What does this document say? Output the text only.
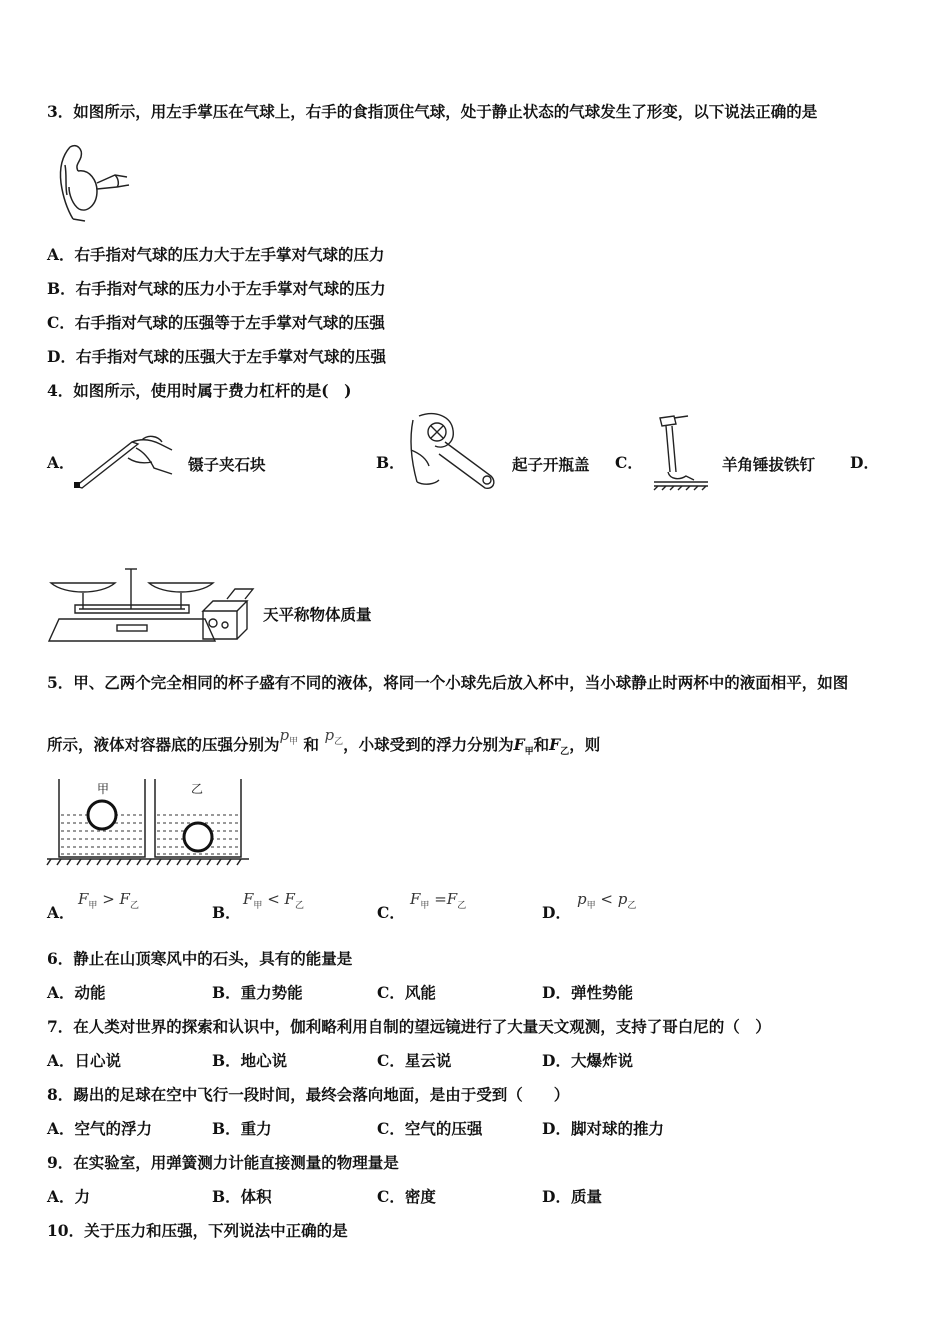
3．如图所示，用左手掌压在气球上，右手的食指顶住气球，处于静止状态的气球发生了形变，以下说法正确的是
A．右手指对气球的压力大于左手掌对气球的压力
B．右手指对气球的压力小于左手掌对气球的压力
C．右手指对气球的压强等于左手掌对气球的压强
D．右手指对气球的压强大于左手掌对气球的压强
4．如图所示，使用时属于费力杠杆的是(　)
A．	镊子夹石块	B．	起子开瓶盖 C．	羊角锤拔铁钉 D．
天平称物体质量
5．甲、乙两个完全相同的杯子盛有不同的液体，将同一个小球先后放入杯中，当小球静止时两杯中的液面相平，如图
所示，液体对容器底的压强分别为$p_甲$ 和 $p_乙$，小球受到的浮力分别为$F_甲$和$F_乙$，则
甲	乙
A．
$F_甲 > F_乙$	B．
$F_甲 < F_乙$	C．
$F_甲 =F_乙$	D．
$p_甲 < p_乙$
6．静止在山顶寒风中的石头，具有的能量是
A．动能	B．重力势能	C．风能	D．弹性势能
7．在人类对世界的探索和认识中，伽利略利用自制的望远镜进行了大量天文观测，支持了哥白尼的（　）
A．日心说	B．地心说	C．星云说	D．大爆炸说
8．踢出的足球在空中飞行一段时间，最终会落向地面，是由于受到（　　）
A．空气的浮力	B．重力	C．空气的压强	D．脚对球的推力
9．在实验室，用弹簧测力计能直接测量的物理量是
A．力	B．体积	C．密度	D．质量
10．关于压力和压强，下列说法中正确的是
